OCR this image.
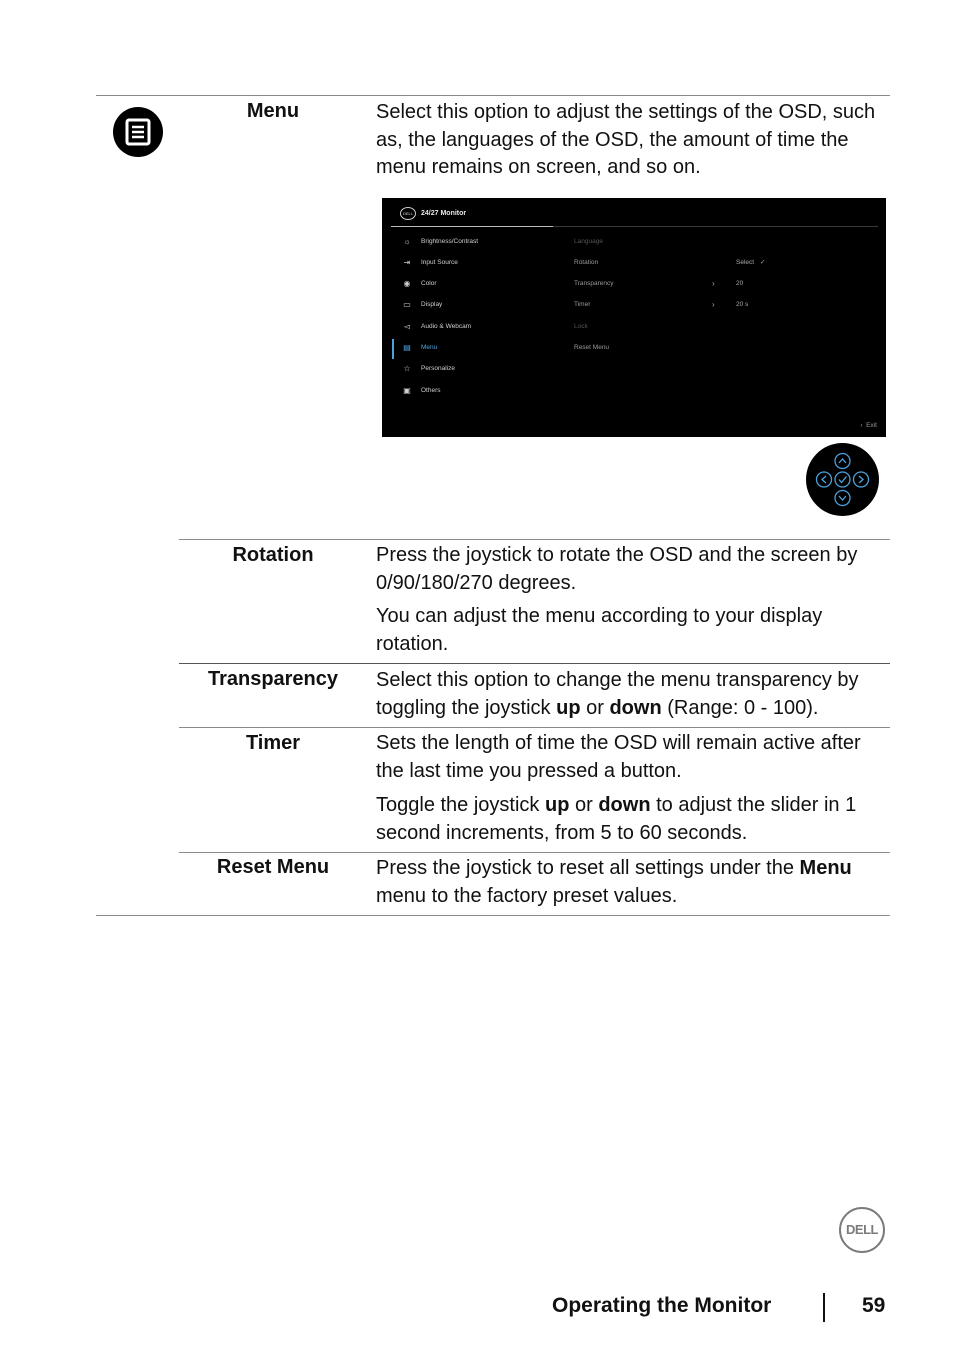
Menu	Select this option to adjust the settings of the OSD, such as, the languages of the OSD, the amount of time the menu remains on screen, and so on.
DELL	24/27 Monitor
☼ Brightness/Contrast
⇥ Input Source
◉ Color
▭ Display
◅ Audio & Webcam
▤ Menu
☆ Personalize
▣ Others
Language
Rotation	Select ✓
Transparency	›	20
Timer	›	20 s
Lock
Reset Menu
‹  Exit
Rotation	Press the joystick to rotate the OSD and the screen by 0/90/180/270 degrees.
You can adjust the menu according to your display rotation.
Transparency	Select this option to change the menu transparency by toggling the joystick up or down (Range: 0 - 100).
Timer	Sets the length of time the OSD will remain active after the last time you pressed a button.
Toggle the joystick up or down to adjust the slider in 1 second increments, from 5 to 60 seconds.
Reset Menu	Press the joystick to reset all settings under the Menu menu to the factory preset values.
DELL
Operating the Monitor	59
